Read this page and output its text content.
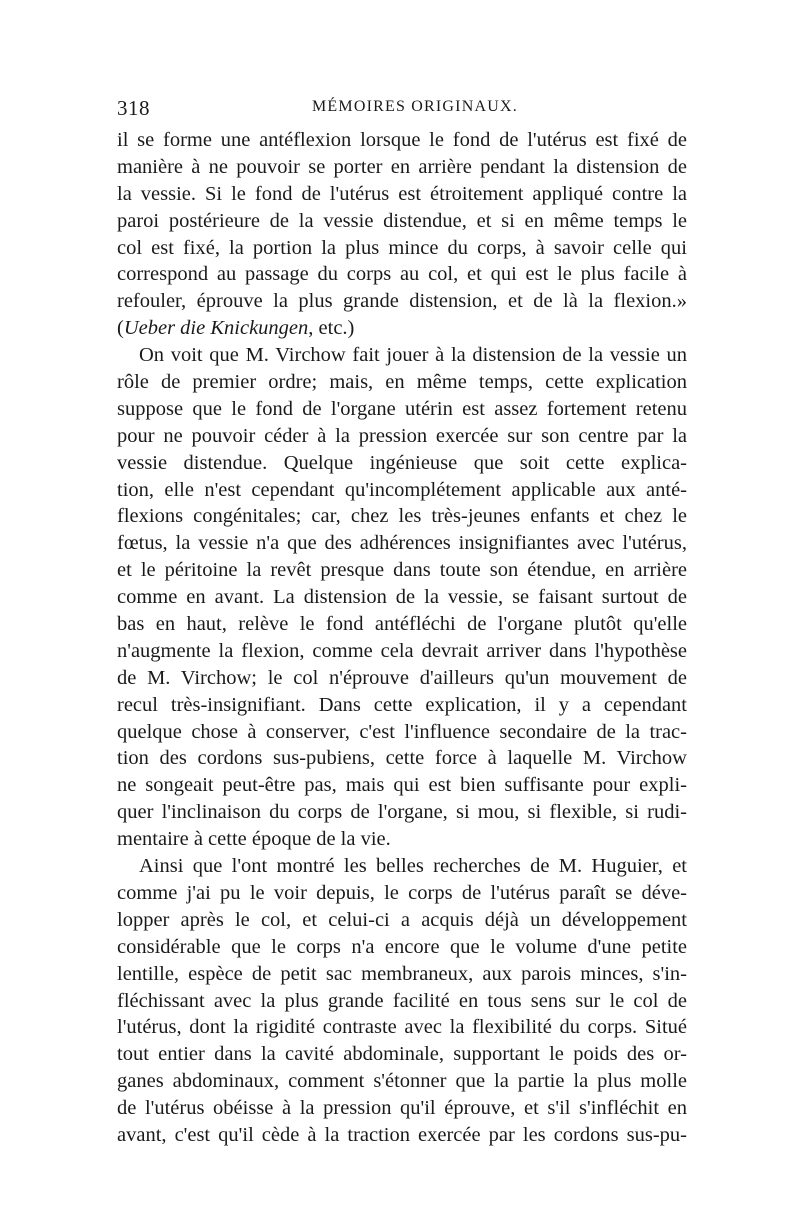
318	MÉMOIRES ORIGINAUX.
il se forme une antéflexion lorsque le fond de l'utérus est fixé de
manière à ne pouvoir se porter en arrière pendant la distension de
la vessie. Si le fond de l'utérus est étroitement appliqué contre la
paroi postérieure de la vessie distendue, et si en même temps le
col est fixé, la portion la plus mince du corps, à savoir celle qui
correspond au passage du corps au col, et qui est le plus facile à
refouler, éprouve la plus grande distension, et de là la flexion.»
(Ueber die Knickungen, etc.)
On voit que M. Virchow fait jouer à la distension de la vessie un
rôle de premier ordre; mais, en même temps, cette explication
suppose que le fond de l'organe utérin est assez fortement retenu
pour ne pouvoir céder à la pression exercée sur son centre par la
vessie distendue. Quelque ingénieuse que soit cette explica-
tion, elle n'est cependant qu'incomplétement applicable aux anté-
flexions congénitales; car, chez les très-jeunes enfants et chez le
fœtus, la vessie n'a que des adhérences insignifiantes avec l'utérus,
et le péritoine la revêt presque dans toute son étendue, en arrière
comme en avant. La distension de la vessie, se faisant surtout de
bas en haut, relève le fond antéfléchi de l'organe plutôt qu'elle
n'augmente la flexion, comme cela devrait arriver dans l'hypothèse
de M. Virchow; le col n'éprouve d'ailleurs qu'un mouvement de
recul très-insignifiant. Dans cette explication, il y a cependant
quelque chose à conserver, c'est l'influence secondaire de la trac-
tion des cordons sus-pubiens, cette force à laquelle M. Virchow
ne songeait peut-être pas, mais qui est bien suffisante pour expli-
quer l'inclinaison du corps de l'organe, si mou, si flexible, si rudi-
mentaire à cette époque de la vie.
Ainsi que l'ont montré les belles recherches de M. Huguier, et
comme j'ai pu le voir depuis, le corps de l'utérus paraît se déve-
lopper après le col, et celui-ci a acquis déjà un développement
considérable que le corps n'a encore que le volume d'une petite
lentille, espèce de petit sac membraneux, aux parois minces, s'in-
fléchissant avec la plus grande facilité en tous sens sur le col de
l'utérus, dont la rigidité contraste avec la flexibilité du corps. Situé
tout entier dans la cavité abdominale, supportant le poids des or-
ganes abdominaux, comment s'étonner que la partie la plus molle
de l'utérus obéisse à la pression qu'il éprouve, et s'il s'infléchit en
avant, c'est qu'il cède à la traction exercée par les cordons sus-pu-
